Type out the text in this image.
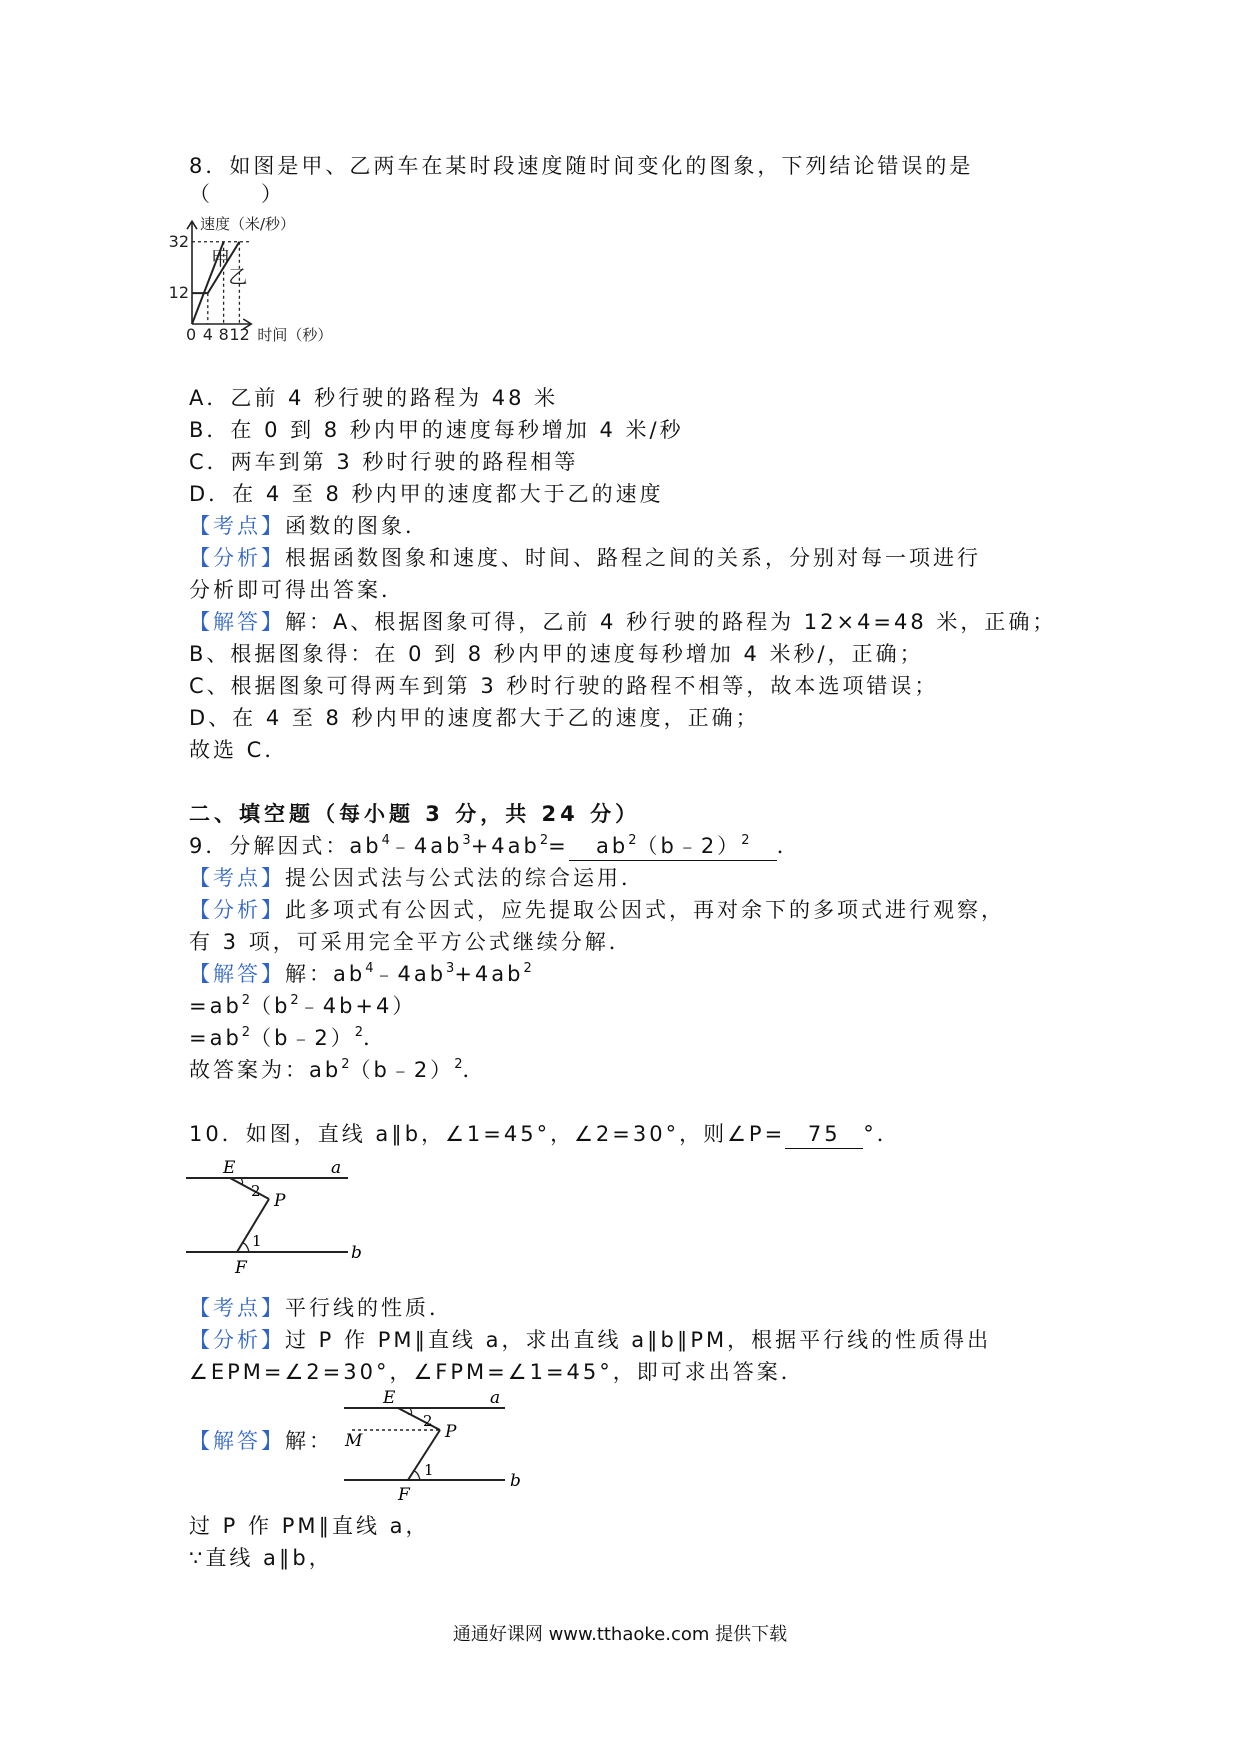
8．如图是甲、乙两车在某时段速度随时间变化的图象，下列结论错误的是
（　　）
速度（米/秒）
时间（秒）
0 4 8 12
12
32
甲
乙
A．乙前 4 秒行驶的路程为 48 米
B．在 0 到 8 秒内甲的速度每秒增加 4 米/秒
C．两车到第 3 秒时行驶的路程相等
D．在 4 至 8 秒内甲的速度都大于乙的速度
【考点】函数的图象．
【分析】根据函数图象和速度、时间、路程之间的关系，分别对每一项进行
分析即可得出答案．
【解答】解：A、根据图象可得，乙前 4 秒行驶的路程为 12×4=48 米，正确；
B、根据图象得：在 0 到 8 秒内甲的速度每秒增加 4 米秒/，正确；
C、根据图象可得两车到第 3 秒时行驶的路程不相等，故本选项错误；
D、在 4 至 8 秒内甲的速度都大于乙的速度，正确；
故选 C．
二、填空题（每小题 3 分，共 24 分）
9．分解因式：$ab^4﹣4ab^3+4ab^2=$ $ab^2(b﹣2)^2$ ．
【考点】提公因式法与公式法的综合运用．
【分析】此多项式有公因式，应先提取公因式，再对余下的多项式进行观察，
有 3 项，可采用完全平方公式继续分解．
【解答】解：$ab^4﹣4ab^3+4ab^2$
$=ab^2(b^2﹣4b+4)$
$=ab^2(b﹣2)^2$．
故答案为：$ab^2(b﹣2)^2$．
10．如图，直线 a∥b，∠1=45°，∠2=30°，则∠P= 75 °．
E	a
2 P
1
b
F
【考点】平行线的性质．
【分析】过 P 作 PM∥直线 a，求出直线 a∥b∥PM，根据平行线的性质得出
∠EPM=∠2=30°，∠FPM=∠1=45°，即可求出答案．
【解答】解：
E	a
2
P
M
1
b
F
过 P 作 PM∥直线 a，
∵直线 a∥b，
通通好课网 www.tthaoke.com 提供下载
